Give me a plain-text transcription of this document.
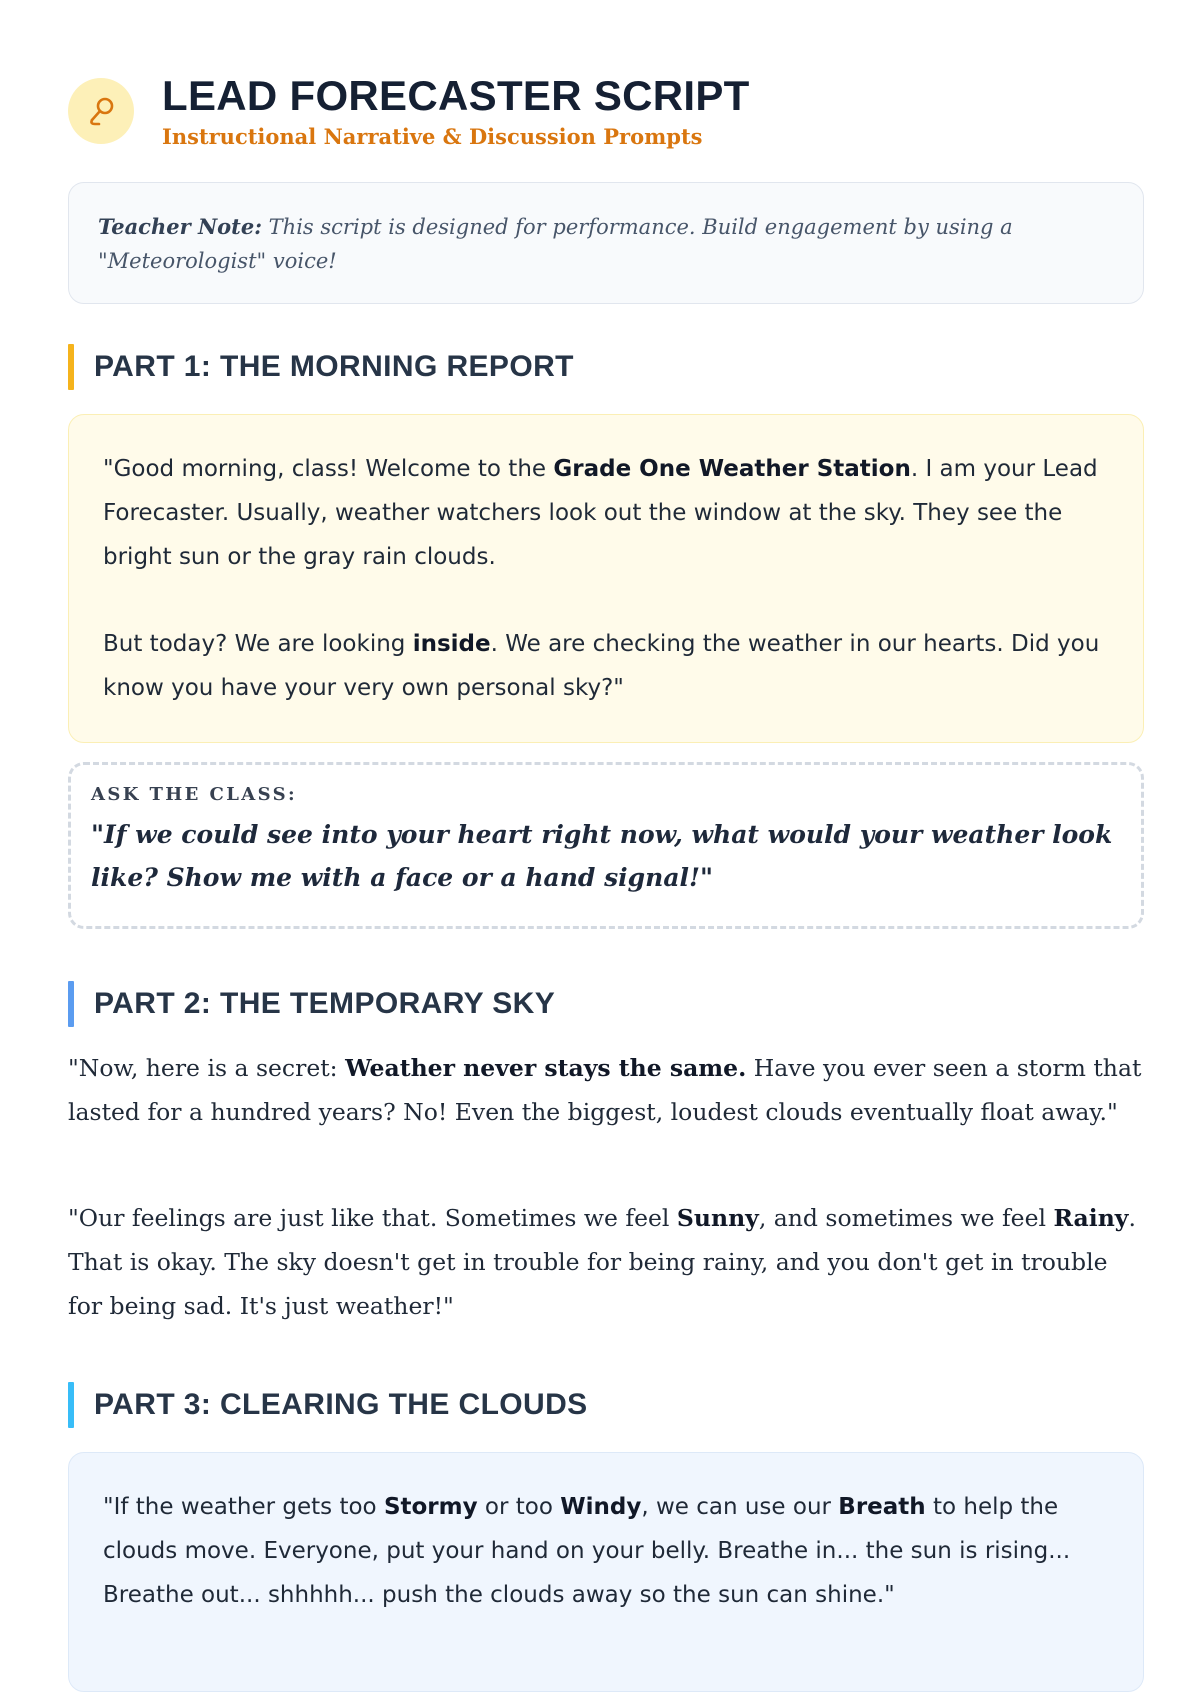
LEAD FORECASTER SCRIPT
Instructional Narrative & Discussion Prompts
Teacher Note: This script is designed for performance. Build engagement by using a "Meteorologist" voice!
PART 1: THE MORNING REPORT

"Good morning, class! Welcome to the Grade One Weather Station. I am your Lead Forecaster. Usually, weather watchers look out the window at the sky. They see the bright sun or the gray rain clouds.

But today? We are looking inside. We are checking the weather in our hearts. Did you know you have your very own personal sky?"

ASK THE CLASS:
"If we could see into your heart right now, what would your weather look like? Show me with a face or a hand signal!"
PART 2: THE TEMPORARY SKY
"Now, here is a secret: Weather never stays the same. Have you ever seen a storm that lasted for a hundred years? No! Even the biggest, loudest clouds eventually float away."
"Our feelings are just like that. Sometimes we feel Sunny, and sometimes we feel Rainy. That is okay. The sky doesn't get in trouble for being rainy, and you don't get in trouble for being sad. It's just weather!"
PART 3: CLEARING THE CLOUDS

"If the weather gets too Stormy or too Windy, we can use our Breath to help the clouds move. Everyone, put your hand on your belly. Breathe in... the sun is rising... Breathe out... shhhhh... push the clouds away so the sun can shine."
